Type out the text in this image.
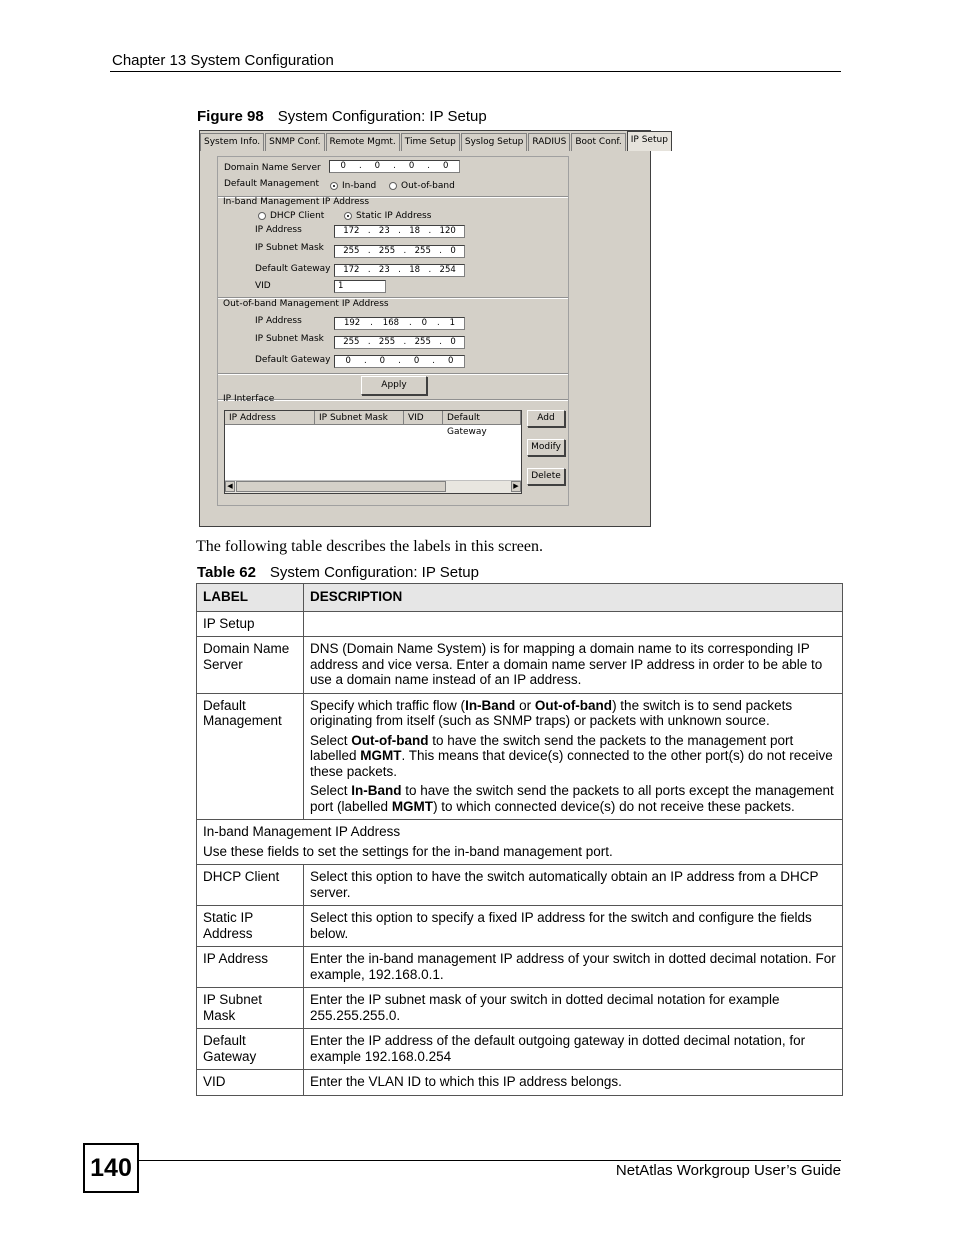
Chapter 13 System Configuration
Figure 98 System Configuration: IP Setup
System Info.	SNMP Conf.	Remote Mgmt.	Time Setup	Syslog Setup	RADIUS	Boot Conf.	IP Setup
Domain Name Server 0 . 0 . 0 . 0
Default Management	In-band	Out-of-band
In-band Management IP Address
DHCP Client	Static IP Address
IP Address	172 . 23 . 18 . 120
IP Subnet Mask 255 . 255 . 255 . 0
Default Gateway 172 . 23 . 18 . 254
VID	1
Out-of-band Management IP Address
IP Address	192 . 168 . 0 . 1
IP Subnet Mask 255 . 255 . 255 . 0
Default Gateway 0 . 0 . 0 . 0
Apply
IP Interface
IP Address	IP Subnet Mask	VID	Default Gateway
◀	▶
Add
Modify
Delete
The following table describes the labels in this screen.
Table 62 System Configuration: IP Setup
LABEL	DESCRIPTION
IP Setup	
Domain Name Server	DNS (Domain Name System) is for mapping a domain name to its corresponding IP address and vice versa. Enter a domain name server IP address in order to be able to use a domain name instead of an IP address.
Default Management	Specify which traffic flow (In-Band or Out-of-band) the switch is to send packets originating from itself (such as SNMP traps) or packets with unknown source.

Select Out-of-band to have the switch send the packets to the management port labelled MGMT. This means that device(s) connected to the other port(s) do not receive these packets.

Select In-Band to have the switch send the packets to all ports except the management port (labelled MGMT) to which connected device(s) do not receive these packets.

In-band Management IP Address

Use these fields to set the settings for the in-band management port.	

DHCP Client	Select this option to have the switch automatically obtain an IP address from a DHCP server.
Static IP Address	Select this option to specify a fixed IP address for the switch and configure the fields below.
IP Address	Enter the in-band management IP address of your switch in dotted decimal notation. For example, 192.168.0.1.
IP Subnet Mask	Enter the IP subnet mask of your switch in dotted decimal notation for example 255.255.255.0.
Default Gateway	Enter the IP address of the default outgoing gateway in dotted decimal notation, for example 192.168.0.254
VID	Enter the VLAN ID to which this IP address belongs.
140	NetAtlas Workgroup User’s Guide
